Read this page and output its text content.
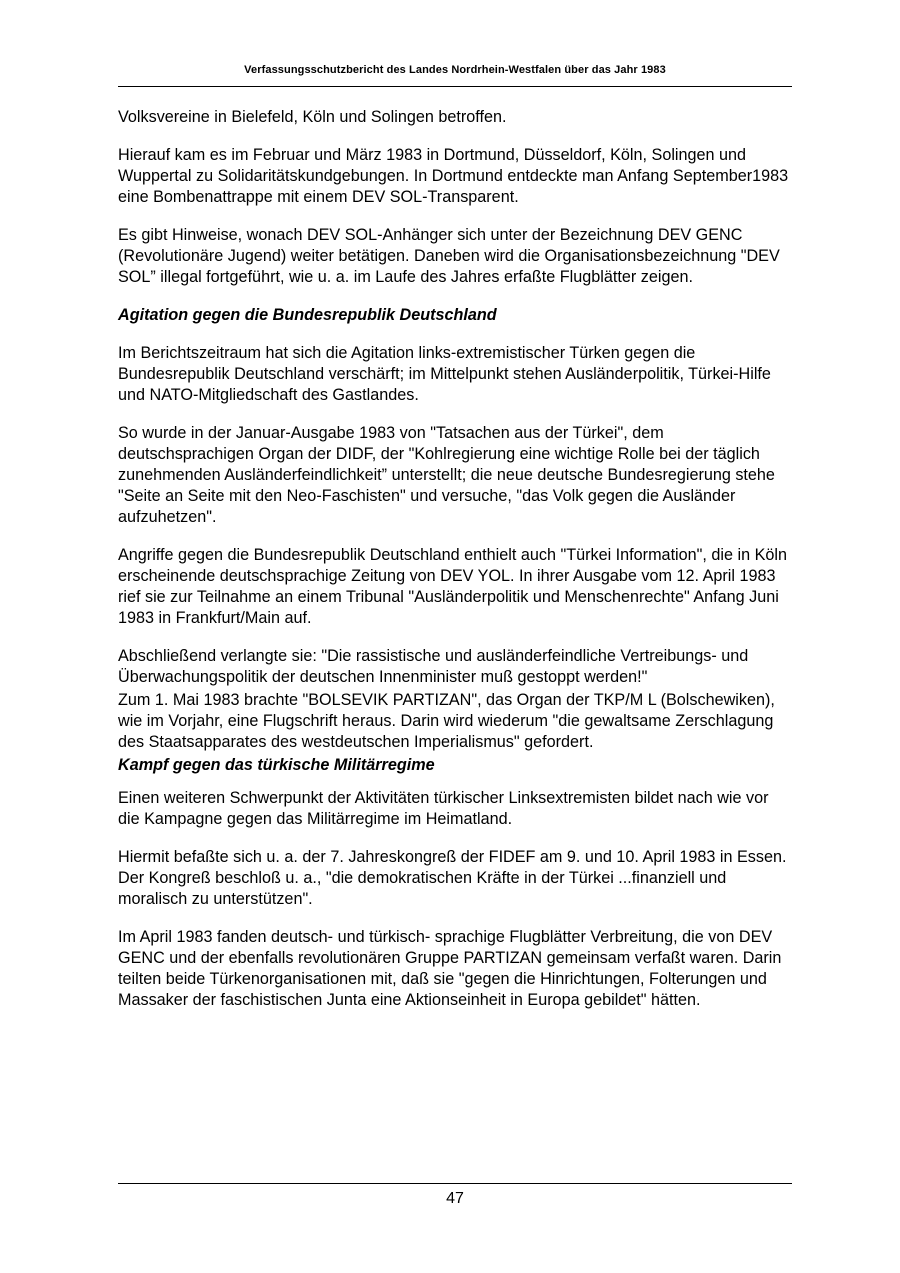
Verfassungsschutzbericht des Landes Nordrhein-Westfalen über das Jahr 1983

Volksvereine in Bielefeld, Köln und Solingen betroffen.

Hierauf kam es im Februar und März 1983 in Dortmund, Düsseldorf, Köln, Solingen und Wuppertal zu Solidaritätskundgebungen. In Dortmund entdeckte man Anfang September1983 eine Bombenattrappe mit einem DEV SOL-Transparent.

Es gibt Hinweise, wonach DEV SOL-Anhänger sich unter der Bezeichnung DEV GENC (Revolutionäre Jugend) weiter betätigen. Daneben wird die Organisationsbezeichnung "DEV SOL” illegal fortgeführt, wie u. a. im Laufe des Jahres erfaßte Flugblätter zeigen.

Agitation gegen die Bundesrepublik Deutschland

Im Berichtszeitraum hat sich die Agitation links-extremistischer Türken gegen die Bundesrepublik Deutschland verschärft; im Mittelpunkt stehen Ausländerpolitik, Türkei-Hilfe und NATO-Mitgliedschaft des Gastlandes.

So wurde in der Januar-Ausgabe 1983 von "Tatsachen aus der Türkei", dem deutschsprachigen Organ der DIDF, der "Kohlregierung eine wichtige Rolle bei der täglich zunehmenden Ausländerfeindlichkeit” unterstellt; die neue deutsche Bundesregierung stehe "Seite an Seite mit den Neo-Faschisten" und versuche, "das Volk gegen die Ausländer aufzuhetzen".

Angriffe gegen die Bundesrepublik Deutschland enthielt auch "Türkei Information", die in Köln erscheinende deutschsprachige Zeitung von DEV YOL. In ihrer Ausgabe vom 12. April 1983 rief sie zur Teilnahme an einem Tribunal "Ausländerpolitik und Menschenrechte" Anfang Juni 1983 in Frankfurt/Main auf.

Abschließend verlangte sie: "Die rassistische und ausländerfeindliche Vertreibungs- und Überwachungspolitik der deutschen Innenminister muß gestoppt werden!"

Zum 1. Mai 1983 brachte "BOLSEVIK PARTIZAN", das Organ der TKP/M L (Bolschewiken), wie im Vorjahr, eine Flugschrift heraus. Darin wird wiederum "die gewaltsame Zerschlagung des Staatsapparates des westdeutschen Imperialismus" gefordert.

Kampf gegen das türkische Militärregime

Einen weiteren Schwerpunkt der Aktivitäten türkischer Linksextremisten bildet nach wie vor die Kampagne gegen das Militärregime im Heimatland.

Hiermit befaßte sich u. a. der 7. Jahreskongreß der FIDEF am 9. und 10. April 1983 in Essen. Der Kongreß beschloß u. a., "die demokratischen Kräfte in der Türkei ...finanziell und moralisch zu unterstützen".

Im April 1983 fanden deutsch- und türkisch- sprachige Flugblätter Verbreitung, die von DEV GENC und der ebenfalls revolutionären Gruppe PARTIZAN gemeinsam verfaßt waren. Darin teilten beide Türkenorganisationen mit, daß sie "gegen die Hinrichtungen, Folterungen und Massaker der faschistischen Junta eine Aktionseinheit in Europa gebildet" hätten.

47
